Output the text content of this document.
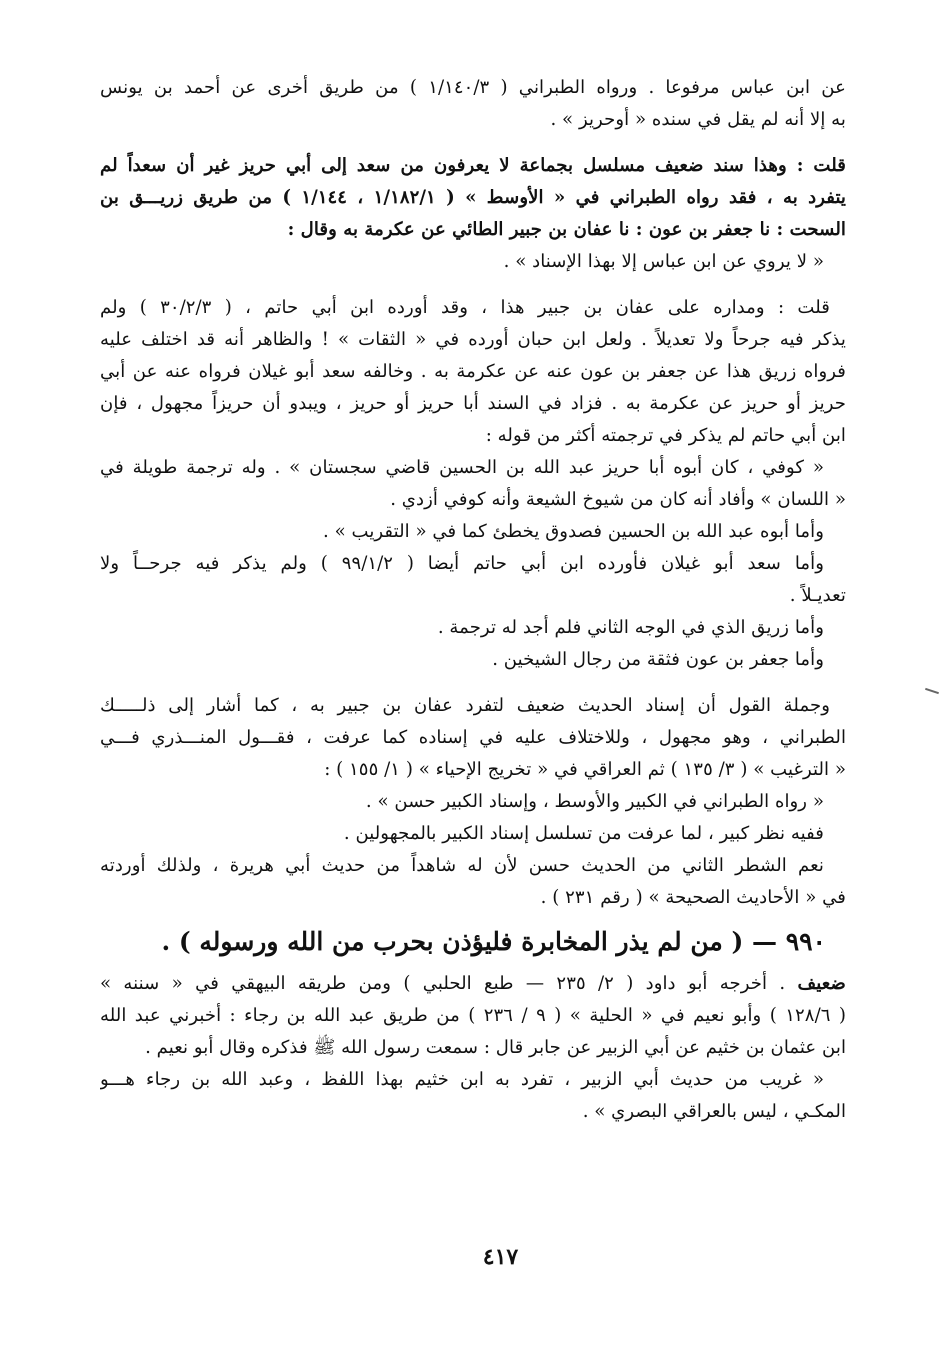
عن ابن عباس مرفوعا . ورواه الطبراني ( ١/١٤٠/٣ ) من طريق أخرى عن أحمد بن يونس
به إلا أنه لم يقل في سنده « أوحريز » .
قلت : وهذا سند ضعيف مسلسل بجماعة لا يعرفون من سعد إلى أبي حريز غير أن سعداً لم
يتفرد به ، فقد رواه الطبراني في « الأوسط » ( ١/١٨٢/١ ، ١/١٤٤ ) من طريق زريـــق بن
السحت : نا جعفر بن عون : نا عفان بن جبير الطائي عن عكرمة به وقال :
« لا يروي عن ابن عباس إلا بهذا الإسناد » .
قلت : ومداره على عفان بن جبير هذا ، وقد أورده ابن أبي حاتم ، ( ٣٠/٢/٣ ) ولم
يذكر فيه جرحاً ولا تعديلاً . ولعل ابن حبان أورده في « الثقات » ! والظاهر أنه قد اختلف عليه
فرواه زريق هذا عن جعفر بن عون عنه عن عكرمة به . وخالفه سعد أبو غيلان فرواه عنه عن أبي
حريز أو حريز عن عكرمة به . فزاد في السند أبا حريز أو حريز ، ويبدو أن حريزاً مجهول ، فإن
ابن أبي حاتم لم يذكر في ترجمته أكثر من قوله :
« كوفي ، كان أبوه أبا حريز عبد الله بن الحسين قاضي سجستان » . وله ترجمة طويلة في
« اللسان » وأفاد أنه كان من شيوخ الشيعة وأنه كوفي أزدي .
وأما أبوه عبد الله بن الحسين فصدوق يخطئ كما في « التقريب » .
وأما سعد أبو غيلان فأورده ابن أبي حاتم أيضا ( ٩٩/١/٢ ) ولم يذكر فيه جرحــاً ولا
تعديـلاً .
وأما زريق الذي في الوجه الثاني فلم أجد له ترجمة .
وأما جعفر بن عون فثقة من رجال الشيخين .
وجملة القول أن إسناد الحديث ضعيف لتفرد عفان بن جبير به ، كما أشار إلى ذلـــــك
الطبراني ، وهو مجهول ، وللاختلاف عليه في إسناده كما عرفت ، فقـــول المنـــذري فـــي
« الترغيب » ( ٣/ ١٣٥ ) ثم العراقي في « تخريج الإحياء » ( ١/ ١٥٥ ) :
« رواه الطبراني في الكبير والأوسط ، وإسناد الكبير حسن » .
ففيه نظر كبير ، لما عرفت من تسلسل إسناد الكبير بالمجهولين .
نعم الشطر الثاني من الحديث حسن لأن له شاهداً من حديث أبي هريرة ، ولذلك أوردته
في « الأحاديث الصحيحة » ( رقم ٢٣١ ) .
٩٩٠ — ( من لم يذر المخابرة فليؤذن بحرب من الله ورسوله ) .
ضعيف . أخرجه أبو داود ( ٢/ ٢٣٥ — طبع الحلبي ) ومن طريقه البيهقي في « سننه »
( ١٢٨/٦ ) وأبو نعيم في « الحلية » ( ٩ / ٢٣٦ ) من طريق عبد الله بن رجاء : أخبرني عبد الله
ابن عثمان بن خثيم عن أبي الزبير عن جابر قال : سمعت رسول الله ﷺ فذكره وقال أبو نعيم .
« غريب من حديث أبي الزبير ، تفرد به ابن خثيم بهذا اللفظ ، وعبد الله بن رجاء هـــو
المكـي ، ليس بالعراقي البصري » .
٤١٧
